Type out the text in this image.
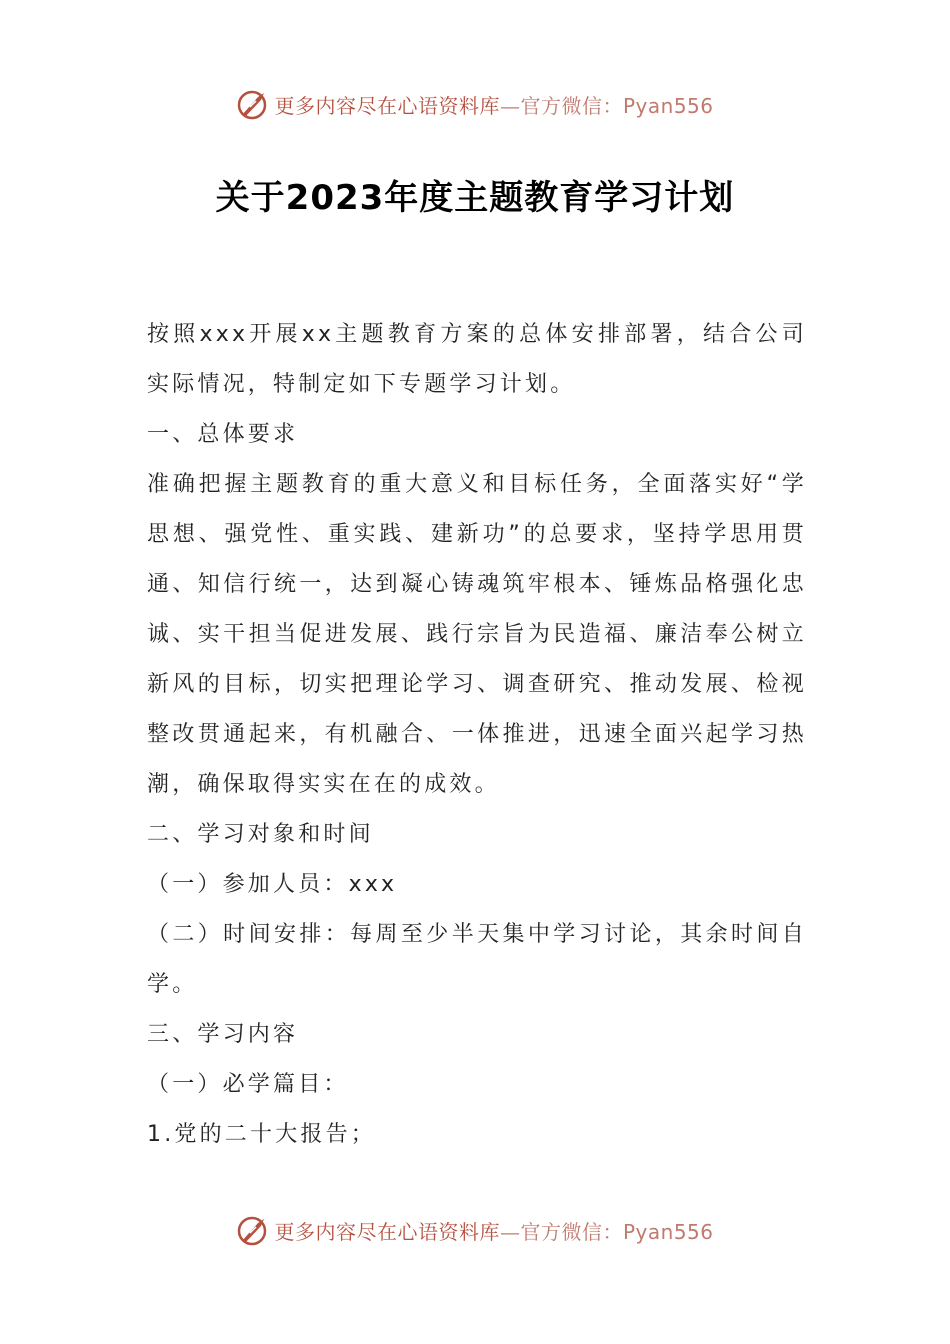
更多内容尽在心语资料库—官方微信：Pyan556
关于2023年度主题教育学习计划

按照xxx开展xx主题教育方案的总体安排部署，结合公司实际情况，特制定如下专题学习计划。

一、总体要求

准确把握主题教育的重大意义和目标任务，全面落实好“学思想、强党性、重实践、建新功”的总要求，坚持学思用贯通、知信行统一，达到凝心铸魂筑牢根本、锤炼品格强化忠诚、实干担当促进发展、践行宗旨为民造福、廉洁奉公树立新风的目标，切实把理论学习、调查研究、推动发展、检视整改贯通起来，有机融合、一体推进，迅速全面兴起学习热潮，确保取得实实在在的成效。

二、学习对象和时间

（一）参加人员：xxx

（二）时间安排：每周至少半天集中学习讨论，其余时间自学。

三、学习内容

（一）必学篇目：

1.党的二十大报告；

更多内容尽在心语资料库—官方微信：Pyan556
